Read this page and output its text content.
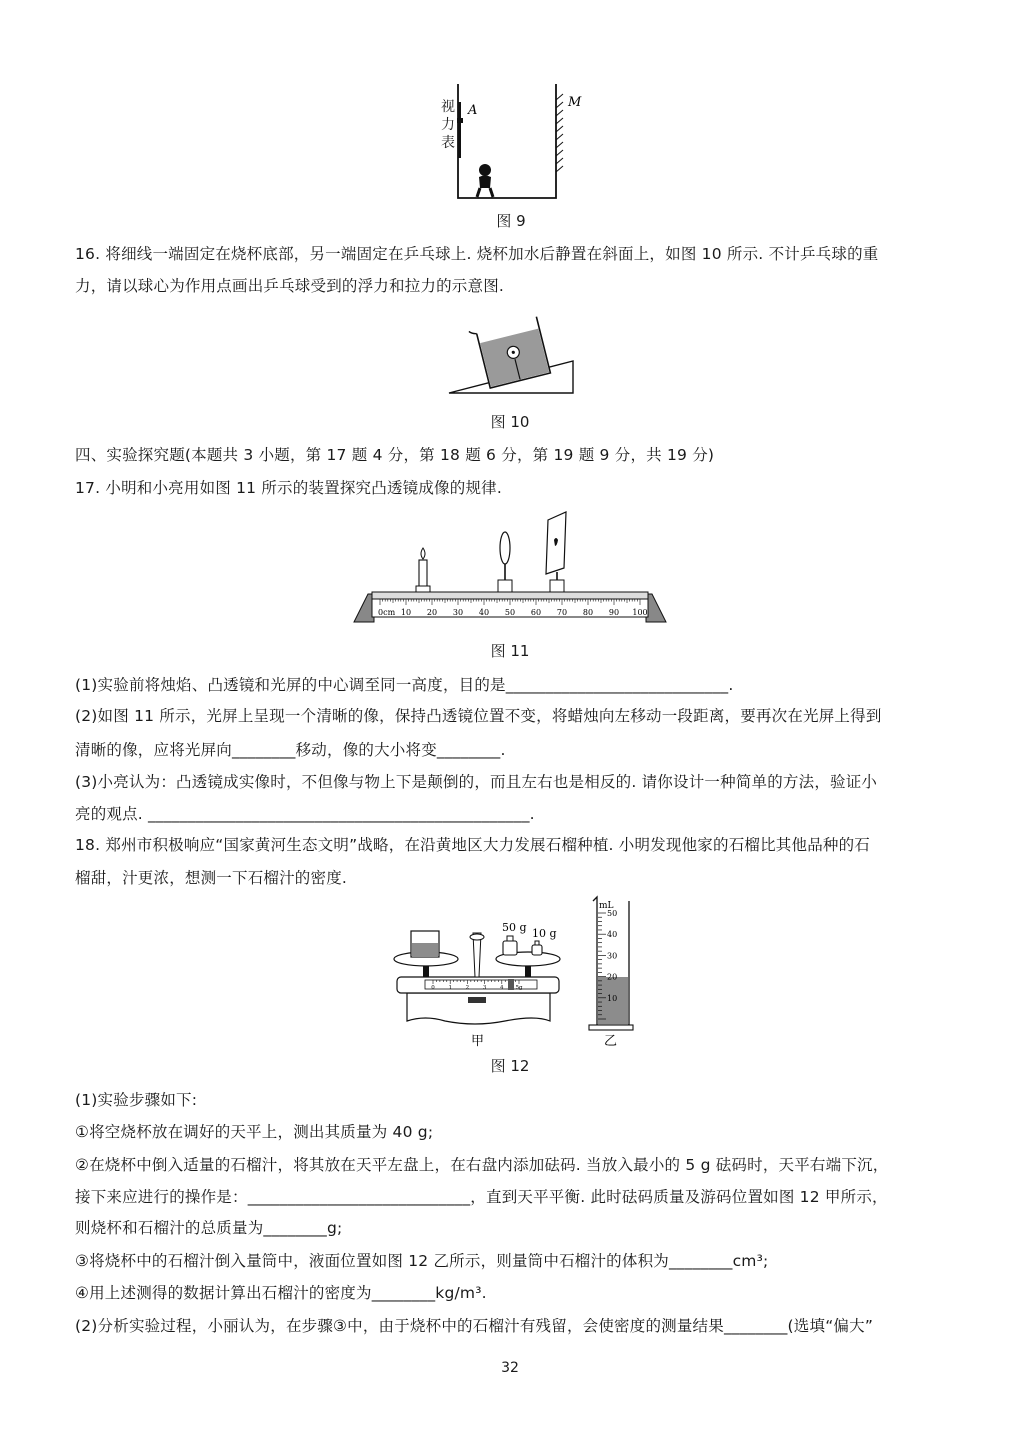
A
M
视力表
图 9
16. 将细线一端固定在烧杯底部，另一端固定在乒乓球上. 烧杯加水后静置在斜面上，如图 10 所示. 不计乒乓球的重
力，请以球心为作用点画出乒乓球受到的浮力和拉力的示意图.
图 10
四、实验探究题(本题共 3 小题，第 17 题 4 分，第 18 题 6 分，第 19 题 9 分，共 19 分)
17. 小明和小亮用如图 11 所示的装置探究凸透镜成像的规律.
0cm 10 20 30 40 50 60 70 80 90 100
图 11
(1)实验前将烛焰、凸透镜和光屏的中心调至同一高度，目的是____________________________.
(2)如图 11 所示，光屏上呈现一个清晰的像，保持凸透镜位置不变，将蜡烛向左移动一段距离，要再次在光屏上得到
清晰的像，应将光屏向________移动，像的大小将变________.
(3)小亮认为：凸透镜成实像时，不但像与物上下是颠倒的，而且左右也是相反的. 请你设计一种简单的方法，验证小
亮的观点. ________________________________________________.
18. 郑州市积极响应“国家黄河生态文明”战略，在沿黄地区大力发展石榴种植. 小明发现他家的石榴比其他品种的石
榴甜，汁更浓，想测一下石榴汁的密度.
0 1 2 3 4 5g
50 g 10 g
甲
50
40
30
20
10
mL
乙
图 12
(1)实验步骤如下:
①将空烧杯放在调好的天平上，测出其质量为 40 g;
②在烧杯中倒入适量的石榴汁，将其放在天平左盘上，在右盘内添加砝码. 当放入最小的 5 g 砝码时，天平右端下沉，
接下来应进行的操作是：____________________________，直到天平平衡. 此时砝码质量及游码位置如图 12 甲所示，
则烧杯和石榴汁的总质量为________g;
③将烧杯中的石榴汁倒入量筒中，液面位置如图 12 乙所示，则量筒中石榴汁的体积为________cm³;
④用上述测得的数据计算出石榴汁的密度为________kg/m³.
(2)分析实验过程，小丽认为，在步骤③中，由于烧杯中的石榴汁有残留，会使密度的测量结果________(选填“偏大”
32
